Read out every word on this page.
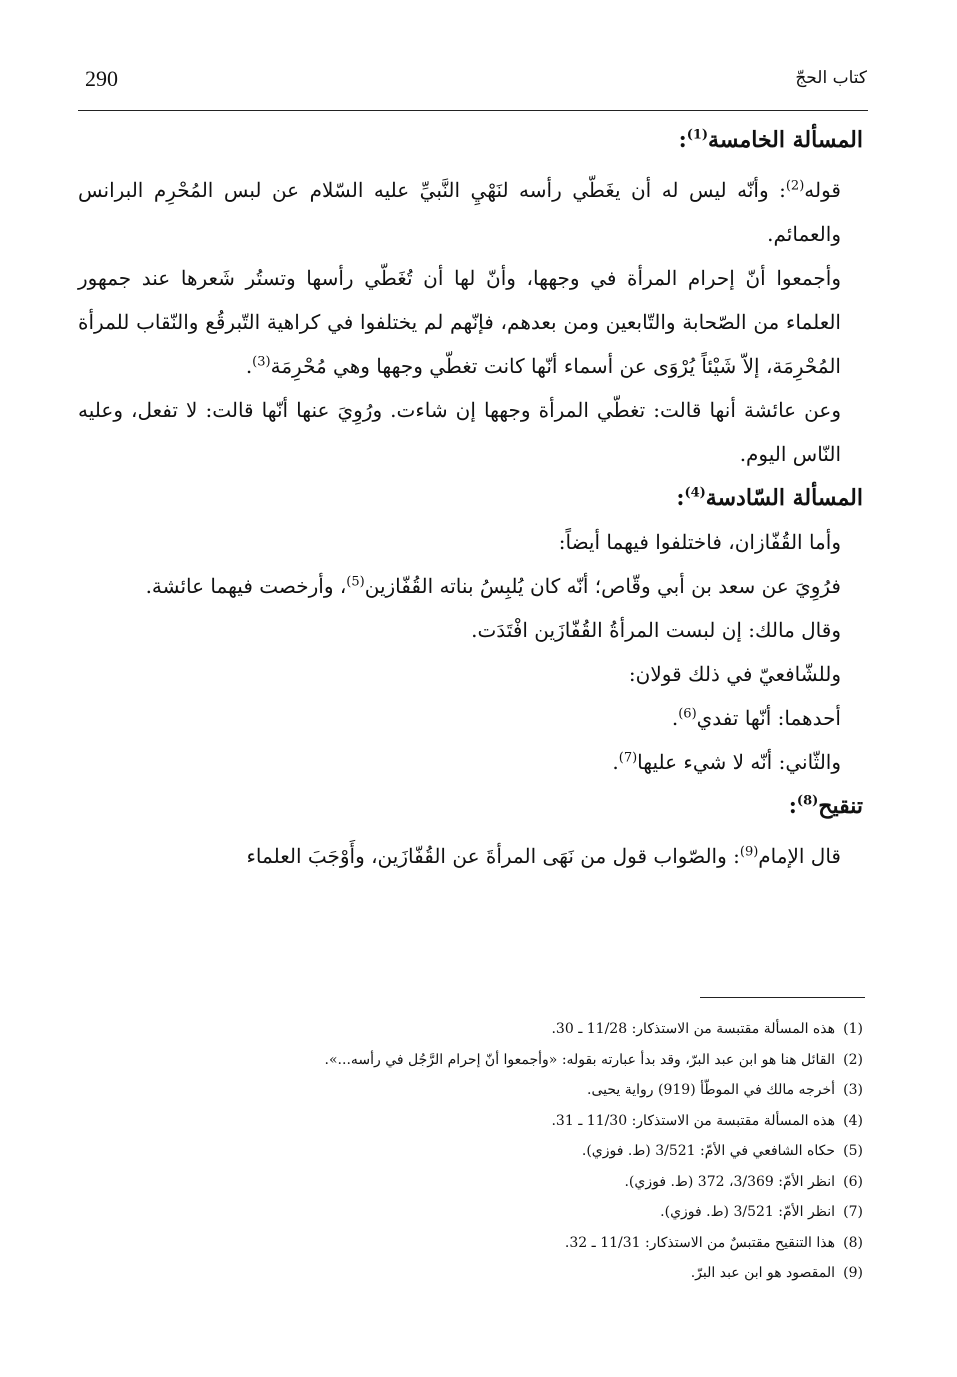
290	كتاب الحجّ

المسألة الخامسة$^{(1)}$:

قوله$^{(2)}$: وأنّه ليس له أن يغَطّي رأسه لنَهْيِ النَّبيِّ عليه السّلام عن لبس المُحْرِم البرانس والعمائم.

وأجمعوا أنّ إحرام المرأة في وجهها، وأنّ لها أن تُغَطّي رأسها وتستُر شَعرها عند جمهور العلماء من الصّحابة والتّابعين ومن بعدهم، فإنّهم لم يختلفوا في كراهية التّبرقُع والنّقاب للمرأة المُحْرِمَة، إلاّ شَيْئاً يُرْوَى عن أسماء أنّها كانت تغطّي وجهها وهي مُحْرِمَة$^{(3)}$.

وعن عائشة أنها قالت: تغطّي المرأة وجهها إن شاءت. ورُوِيَ عنها أنّها قالت: لا تفعل، وعليه النّاس اليوم.

المسألة السّادسة$^{(4)}$:

وأما القُفّازان، فاختلفوا فيهما أيضاً:

فرُوِيَ عن سعد بن أبي وقّاص؛ أنّه كان يُلبِسُ بناته القُفّازين$^{(5)}$، وأرخصت فيهما عائشة.

وقال مالك: إن لبست المرأةُ القُفّازَين افْتَدَت.

وللشّافعيّ في ذلك قولان:

أحدهما: أنّها تفدي$^{(6)}$.

والثّاني: أنّه لا شيء عليها$^{(7)}$.

تنقيح$^{(8)}$:

قال الإمام$^{(9)}$: والصّواب قول من نَهَى المرأةَ عن القُفّازَين، وأَوْجَبَ العلماء

(1)هذه المسألة مقتبسة من الاستذكار: 11/28 ـ 30.
(2)القائل هنا هو ابن عبد البرّ، وقد بدأ عبارته بقوله: «وأجمعوا أنّ إحرام الرَّجُل في رأسه...».
(3)أخرجه مالك في الموطّأ (919) رواية يحيى.
(4)هذه المسألة مقتبسة من الاستذكار: 11/30 ـ 31.
(5)حكاه الشافعي في الأمّ: 3/521 (ط. فوزي).
(6)انظر الأمّ: 3/369، 372 (ط. فوزي).
(7)انظر الأمّ: 3/521 (ط. فوزي).
(8)هذا التنقيح مقتبسٌ من الاستذكار: 11/31 ـ 32.
(9)المقصود هو ابن عبد البرّ.
